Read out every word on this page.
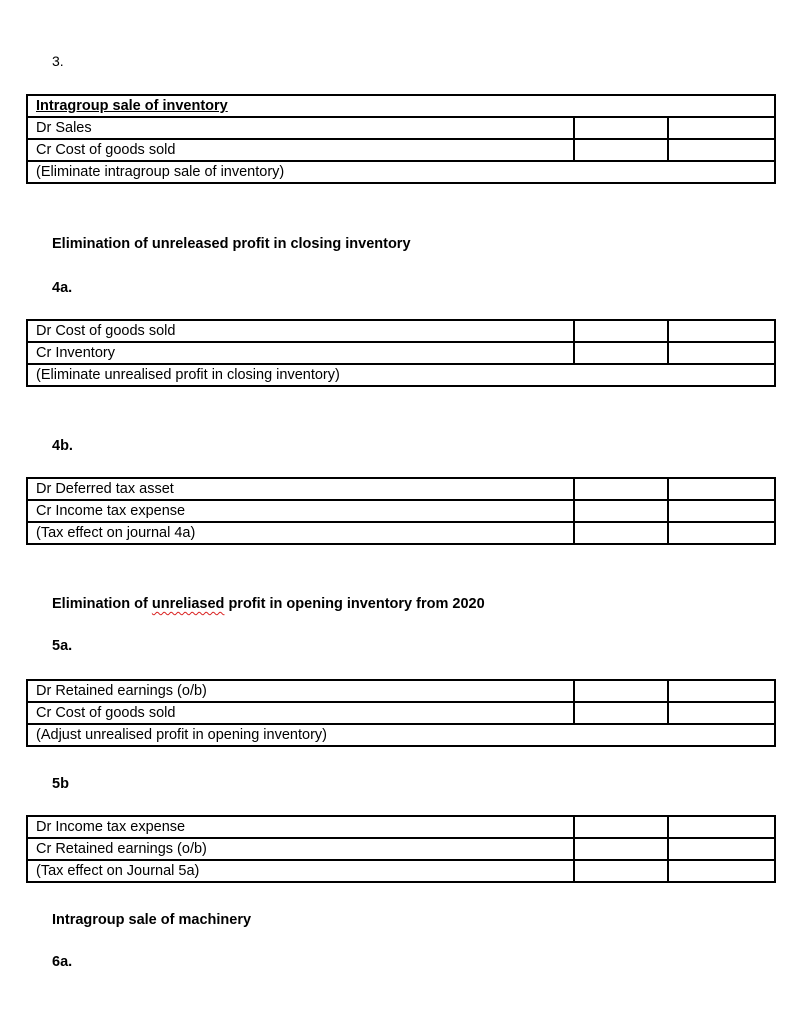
3.
Intragroup sale of inventory		
Dr Sales		
Cr Cost of goods sold		
(Eliminate intragroup sale of inventory)		
Elimination of unreleased profit in closing inventory
4a.
Dr Cost of goods sold		
Cr Inventory		
(Eliminate unrealised profit in closing inventory)		
4b.
Dr Deferred tax asset		
Cr Income tax expense		
(Tax effect on journal 4a)		
Elimination of unreliased profit in opening inventory from 2020
5a.
Dr Retained earnings (o/b)		
Cr Cost of goods sold		
(Adjust unrealised profit in opening inventory)		
5b
Dr Income tax expense		
Cr Retained earnings (o/b)		
(Tax effect on Journal 5a)		
Intragroup sale of machinery
6a.
